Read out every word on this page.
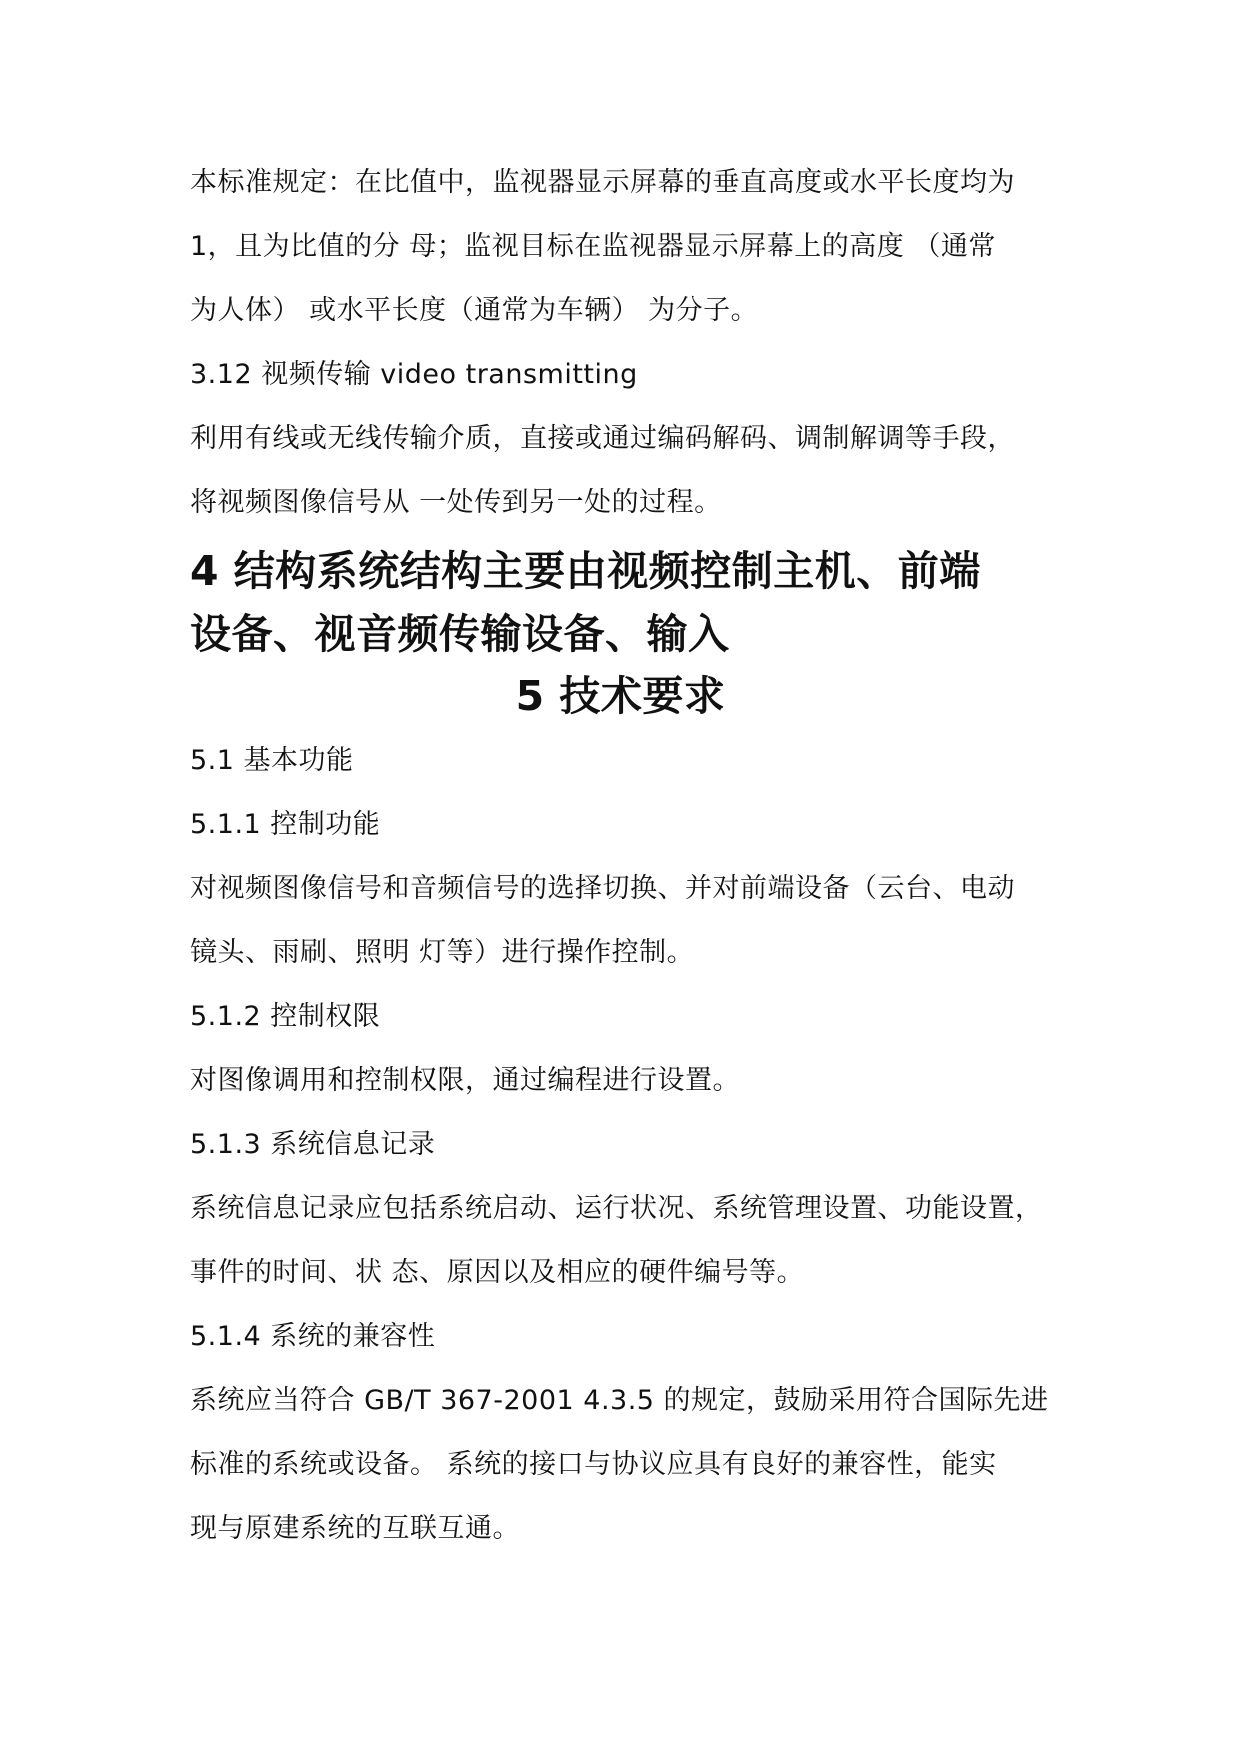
本标准规定：在比值中，监视器显示屏幕的垂直高度或水平长度均为
1，且为比值的分 母；监视目标在监视器显示屏幕上的高度 （通常
为人体） 或水平长度（通常为车辆） 为分子。
3.12 视频传输 video transmitting
利用有线或无线传输介质，直接或通过编码解码、调制解调等手段，
将视频图像信号从 一处传到另一处的过程。
4 结构系统结构主要由视频控制主机、前端
设备、视音频传输设备、输入
5 技术要求
5.1 基本功能
5.1.1 控制功能
对视频图像信号和音频信号的选择切换、并对前端设备（云台、电动
镜头、雨刷、照明 灯等）进行操作控制。
5.1.2 控制权限
对图像调用和控制权限，通过编程进行设置。
5.1.3 系统信息记录
系统信息记录应包括系统启动、运行状况、系统管理设置、功能设置，
事件的时间、状 态、原因以及相应的硬件编号等。
5.1.4 系统的兼容性
系统应当符合 GB/T 367-2001 4.3.5 的规定，鼓励采用符合国际先进
标准的系统或设备。 系统的接口与协议应具有良好的兼容性，能实
现与原建系统的互联互通。
